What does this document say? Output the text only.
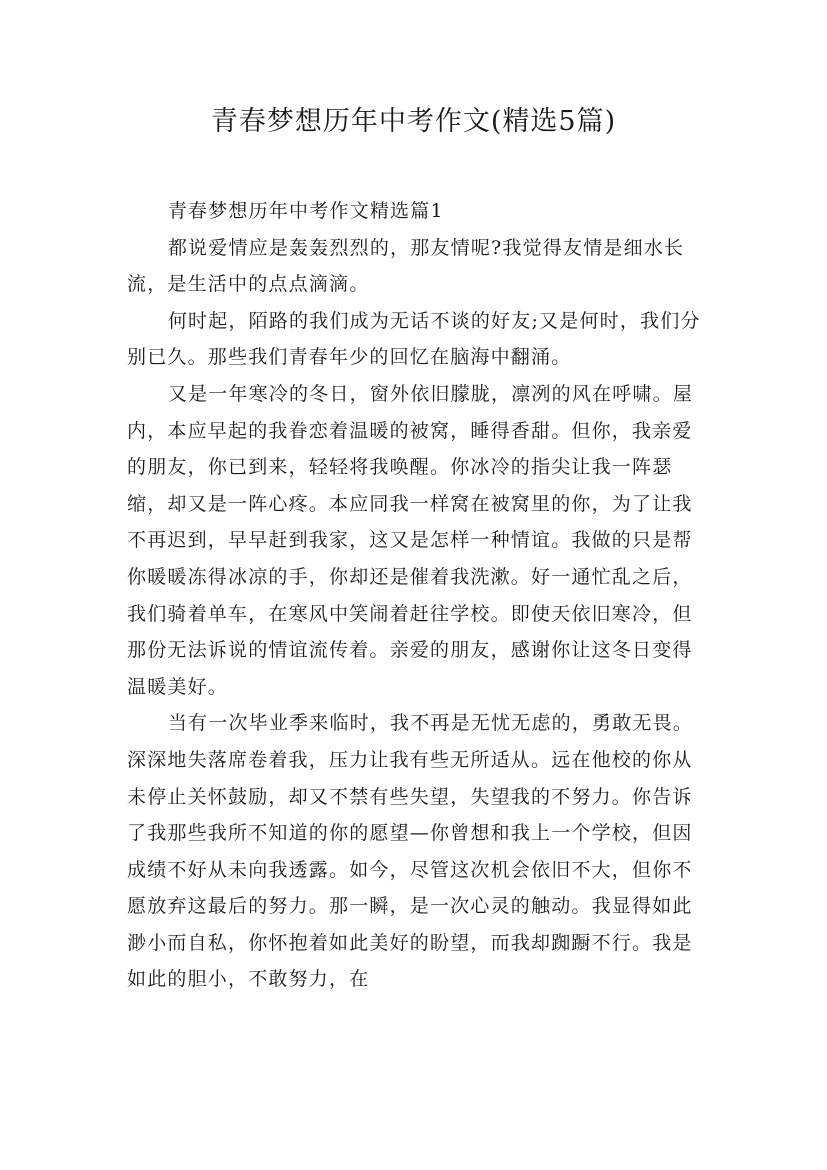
青春梦想历年中考作文(精选5篇)

青春梦想历年中考作文精选篇1

都说爱情应是轰轰烈烈的，那友情呢?我觉得友情是细水长流，是生活中的点点滴滴。

何时起，陌路的我们成为无话不谈的好友;又是何时，我们分别已久。那些我们青春年少的回忆在脑海中翻涌。

又是一年寒冷的冬日，窗外依旧朦胧，凛冽的风在呼啸。屋内，本应早起的我眷恋着温暖的被窝，睡得香甜。但你，我亲爱的朋友，你已到来，轻轻将我唤醒。你冰冷的指尖让我一阵瑟缩，却又是一阵心疼。本应同我一样窝在被窝里的你，为了让我不再迟到，早早赶到我家，这又是怎样一种情谊。我做的只是帮你暖暖冻得冰凉的手，你却还是催着我洗漱。好一通忙乱之后，我们骑着单车，在寒风中笑闹着赶往学校。即使天依旧寒冷，但那份无法诉说的情谊流传着。亲爱的朋友，感谢你让这冬日变得温暖美好。

当有一次毕业季来临时，我不再是无忧无虑的，勇敢无畏。深深地失落席卷着我，压力让我有些无所适从。远在他校的你从未停止关怀鼓励，却又不禁有些失望，失望我的不努力。你告诉了我那些我所不知道的你的愿望—你曾想和我上一个学校，但因成绩不好从未向我透露。如今，尽管这次机会依旧不大，但你不愿放弃这最后的努力。那一瞬，是一次心灵的触动。我显得如此渺小而自私，你怀抱着如此美好的盼望，而我却踟蹰不行。我是如此的胆小，不敢努力，在
